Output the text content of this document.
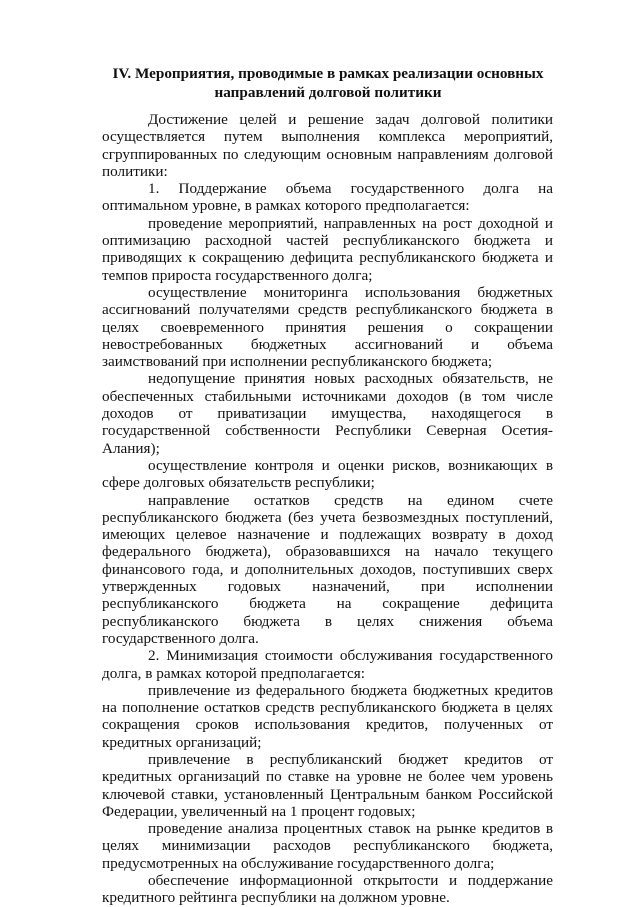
IV. Мероприятия, проводимые в рамках реализации основных направлений долговой политики

Достижение целей и решение задач долговой политики осуществляется путем выполнения комплекса мероприятий, сгруппированных по следующим основным направлениям долговой политики:

1. Поддержание объема государственного долга на оптимальном уровне, в рамках которого предполагается:

проведение мероприятий, направленных на рост доходной и оптимизацию расходной частей республиканского бюджета и приводящих к сокращению дефицита республиканского бюджета и темпов прироста государственного долга;

осуществление мониторинга использования бюджетных ассигнований получателями средств республиканского бюджета в целях своевременного принятия решения о сокращении невостребованных бюджетных ассигнований и объема заимствований при исполнении республиканского бюджета;

недопущение принятия новых расходных обязательств, не обеспеченных стабильными источниками доходов (в том числе доходов от приватизации имущества, находящегося в государственной собственности Республики Северная Осетия-Алания);

осуществление контроля и оценки рисков, возникающих в сфере долговых обязательств республики;

направление остатков средств на едином счете республиканского бюджета (без учета безвозмездных поступлений, имеющих целевое назначение и подлежащих возврату в доход федерального бюджета), образовавшихся на начало текущего финансового года, и дополнительных доходов, поступивших сверх утвержденных годовых назначений, при исполнении республиканского бюджета на сокращение дефицита республиканского бюджета в целях снижения объема государственного долга.

2. Минимизация стоимости обслуживания государственного долга, в рамках которой предполагается:

привлечение из федерального бюджета бюджетных кредитов на пополнение остатков средств республиканского бюджета в целях сокращения сроков использования кредитов, полученных от кредитных организаций;

привлечение в республиканский бюджет кредитов от кредитных организаций по ставке на уровне не более чем уровень ключевой ставки, установленный Центральным банком Российской Федерации, увеличенный на 1 процент годовых;

проведение анализа процентных ставок на рынке кредитов в целях минимизации расходов республиканского бюджета, предусмотренных на обслуживание государственного долга;

обеспечение информационной открытости и поддержание кредитного рейтинга республики на должном уровне.
